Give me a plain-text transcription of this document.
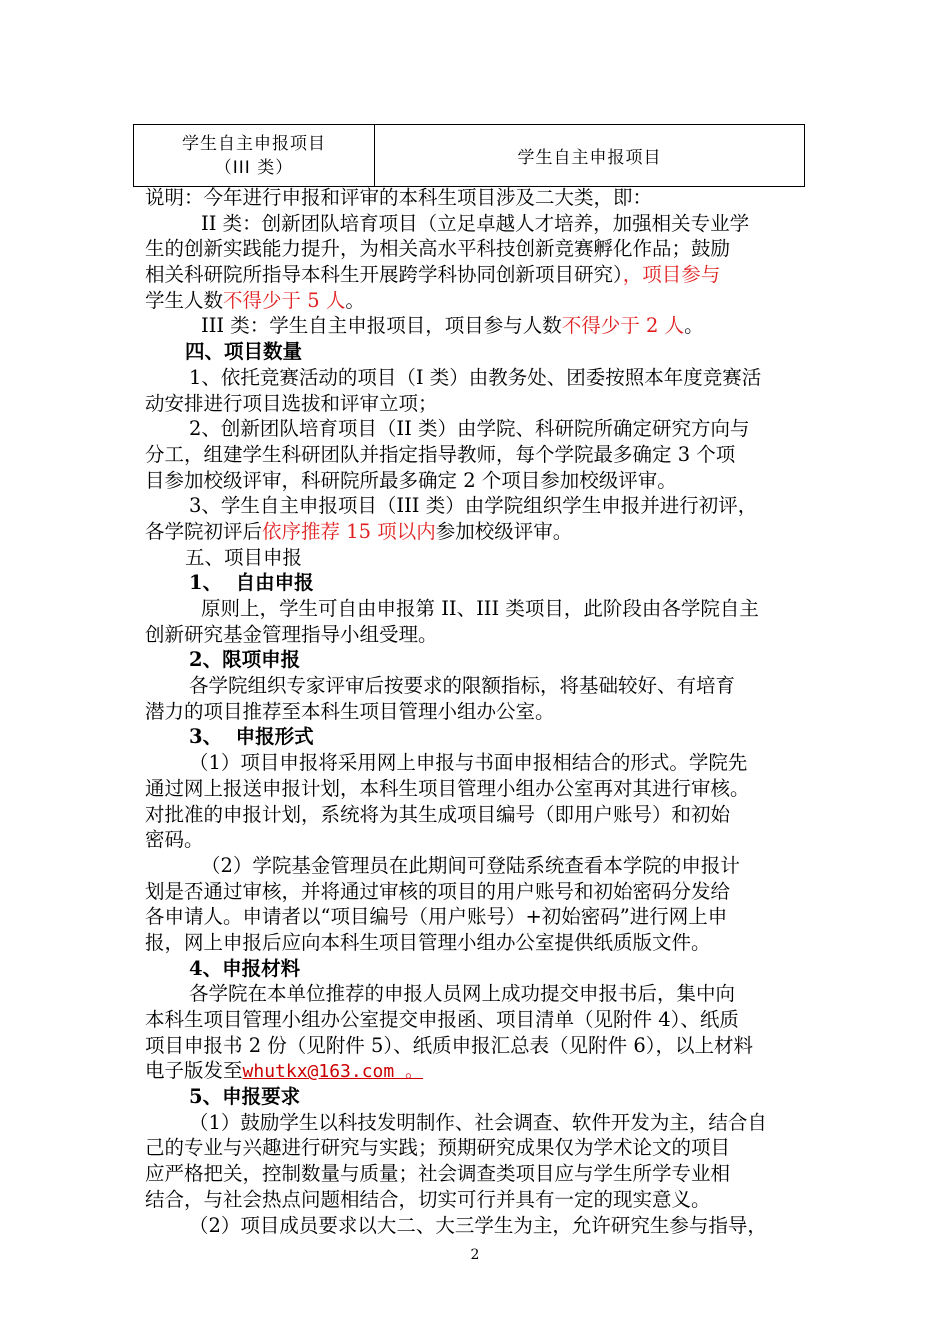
学生自主申报项目
（III 类）	学生自主申报项目
说明：今年进行申报和评审的本科生项目涉及二大类，即：
II 类：创新团队培育项目（立足卓越人才培养，加强相关专业学
生的创新实践能力提升，为相关高水平科技创新竞赛孵化作品；鼓励
相关科研院所指导本科生开展跨学科协同创新项目研究），项目参与
学生人数不得少于 5 人。
III 类：学生自主申报项目，项目参与人数不得少于 2 人。
四、项目数量
1、依托竞赛活动的项目（I 类）由教务处、团委按照本年度竞赛活
动安排进行项目选拔和评审立项；
2、创新团队培育项目（II 类）由学院、科研院所确定研究方向与
分工，组建学生科研团队并指定指导教师，每个学院最多确定 3 个项
目参加校级评审，科研院所最多确定 2 个项目参加校级评审。
3、学生自主申报项目（III 类）由学院组织学生申报并进行初评，
各学院初评后依序推荐 15 项以内参加校级评审。
五、项目申报
1、  自由申报
原则上，学生可自由申报第 II、III 类项目，此阶段由各学院自主
创新研究基金管理指导小组受理。
2、限项申报
各学院组织专家评审后按要求的限额指标，将基础较好、有培育
潜力的项目推荐至本科生项目管理小组办公室。
3、  申报形式
（1）项目申报将采用网上申报与书面申报相结合的形式。学院先
通过网上报送申报计划，本科生项目管理小组办公室再对其进行审核。
对批准的申报计划，系统将为其生成项目编号（即用户账号）和初始
密码。
（2）学院基金管理员在此期间可登陆系统查看本学院的申报计
划是否通过审核，并将通过审核的项目的用户账号和初始密码分发给
各申请人。申请者以“项目编号（用户账号）+初始密码”进行网上申
报，网上申报后应向本科生项目管理小组办公室提供纸质版文件。
4、申报材料
各学院在本单位推荐的申报人员网上成功提交申报书后，集中向
本科生项目管理小组办公室提交申报函、项目清单（见附件 4）、纸质
项目申报书 2 份（见附件 5）、纸质申报汇总表（见附件 6），以上材料
电子版发至whutkx@163.com 。
5、申报要求
（1）鼓励学生以科技发明制作、社会调查、软件开发为主，结合自
己的专业与兴趣进行研究与实践；预期研究成果仅为学术论文的项目
应严格把关，控制数量与质量；社会调查类项目应与学生所学专业相
结合，与社会热点问题相结合，切实可行并具有一定的现实意义。
（2）项目成员要求以大二、大三学生为主，允许研究生参与指导，
2
